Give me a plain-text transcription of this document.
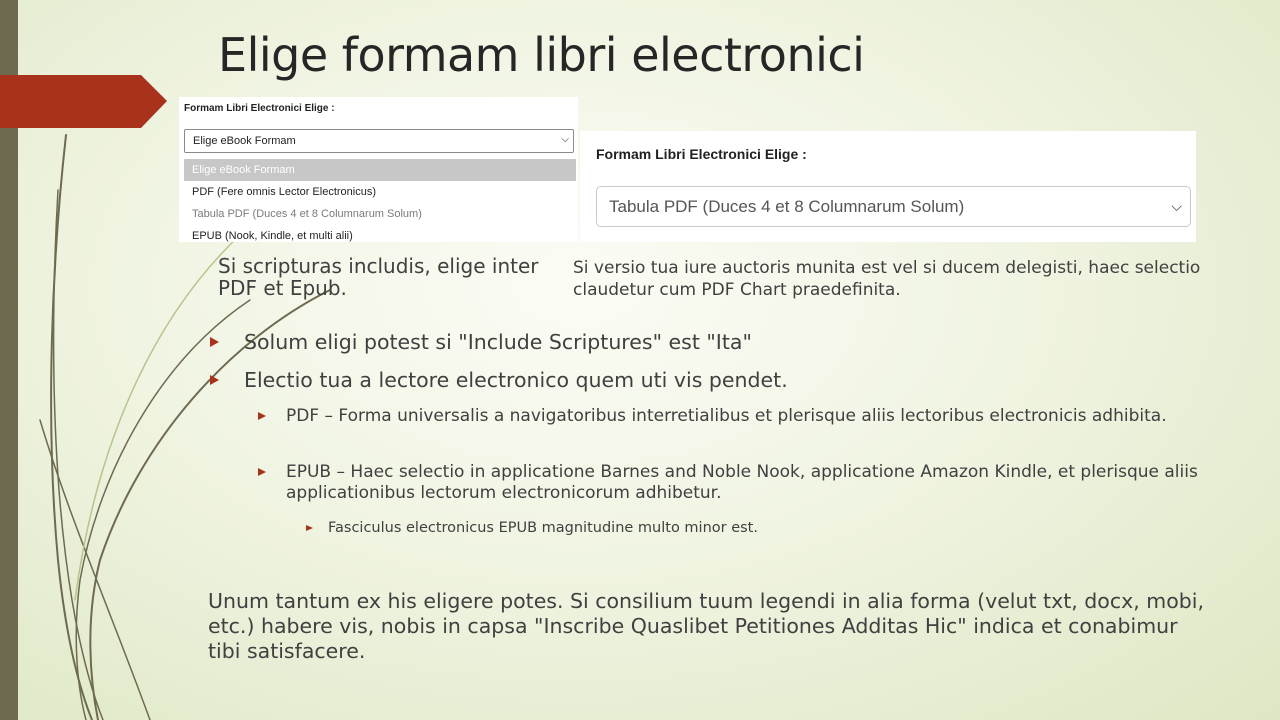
Elige formam libri electronici
Formam Libri Electronici Elige :
Elige eBook Formam	⌵
Elige eBook Formam
PDF (Fere omnis Lector Electronicus)
Tabula PDF (Duces 4 et 8 Columnarum Solum)
EPUB (Nook, Kindle, et multi alii)
Formam Libri Electronici Elige :
Tabula PDF (Duces 4 et 8 Columnarum Solum)	⌵
Si scripturas includis, elige inter PDF et Epub.
Si versio tua iure auctoris munita est vel si ducem delegisti, haec selectio claudetur cum PDF Chart praedefinita.
Solum eligi potest si "Include Scriptures" est "Ita"
Electio tua a lectore electronico quem uti vis pendet.
PDF – Forma universalis a navigatoribus interretialibus et plerisque aliis lectoribus electronicis adhibita.
EPUB – Haec selectio in applicatione Barnes and Noble Nook, applicatione Amazon Kindle, et plerisque aliis applicationibus lectorum electronicorum adhibetur.
Fasciculus electronicus EPUB magnitudine multo minor est.
Unum tantum ex his eligere potes. Si consilium tuum legendi in alia forma (velut txt, docx, mobi, etc.) habere vis, nobis in capsa "Inscribe Quaslibet Petitiones Additas Hic" indica et conabimur tibi satisfacere.
